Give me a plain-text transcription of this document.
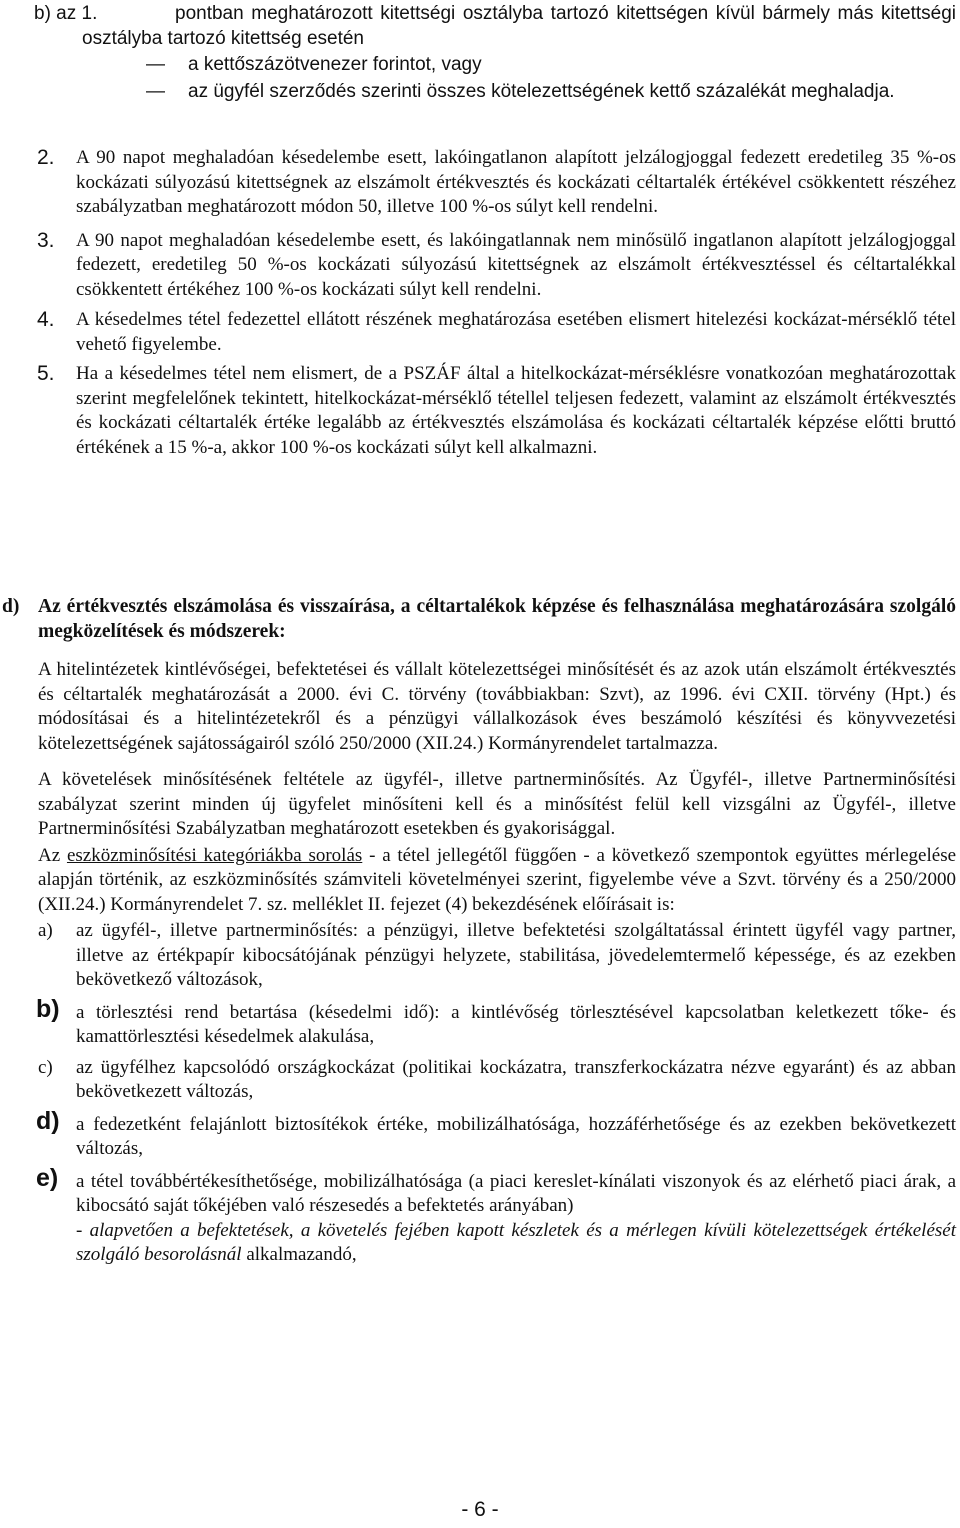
b) az 1.	pontban meghatározott kitettségi osztályba tartozó kitettségen kívül bármely más kitettségi osztályba tartozó kitettség esetén
— a kettőszázötvenezer forintot, vagy
— az ügyfél szerződés szerinti összes kötelezettségének kettő százalékát meghaladja.
2. A 90 napot meghaladóan késedelembe esett, lakóingatlanon alapított jelzálogjoggal fedezett eredetileg 35 %-os kockázati súlyozású kitettségnek az elszámolt értékvesztés és kockázati céltartalék értékével csökkentett részéhez szabályzatban meghatározott módon 50, illetve 100 %-os súlyt kell rendelni.
3. A 90 napot meghaladóan késedelembe esett, és lakóingatlannak nem minősülő ingatlanon alapított jelzálogjoggal fedezett, eredetileg 50 %-os kockázati súlyozású kitettségnek az elszámolt értékvesztéssel és céltartalékkal csökkentett értékéhez 100 %-os kockázati súlyt kell rendelni.
4. A késedelmes tétel fedezettel ellátott részének meghatározása esetében elismert hitelezési kockázat-mérséklő tétel vehető figyelembe.
5. Ha a késedelmes tétel nem elismert, de a PSZÁF által a hitelkockázat-mérséklésre vonatkozóan meghatározottak szerint megfelelőnek tekintett, hitelkockázat-mérséklő tétellel teljesen fedezett, valamint az elszámolt értékvesztés és kockázati céltartalék értéke legalább az értékvesztés elszámolása és kockázati céltartalék képzése előtti bruttó értékének a 15 %-a, akkor 100 %-os kockázati súlyt kell alkalmazni.
d) Az értékvesztés elszámolása és visszaírása, a céltartalékok képzése és felhasználása meghatározására szolgáló megközelítések és módszerek:

A hitelintézetek kintlévőségei, befektetései és vállalt kötelezettségei minősítését és az azok után elszámolt értékvesztés és céltartalék meghatározását a 2000. évi C. törvény (továbbiakban: Szvt), az 1996. évi CXII. törvény (Hpt.) és módosításai és a hitelintézetekről és a pénzügyi vállalkozások éves beszámoló készítési és könyvvezetési kötelezettségének sajátosságairól szóló 250/2000 (XII.24.) Kormányrendelet tartalmazza.

A követelések minősítésének feltétele az ügyfél-, illetve partnerminősítés. Az Ügyfél-, illetve Partnerminősítési szabályzat szerint minden új ügyfelet minősíteni kell és a minősítést felül kell vizsgálni az Ügyfél-, illetve Partnerminősítési Szabályzatban meghatározott esetekben és gyakorisággal.

Az eszközminősítési kategóriákba sorolás - a tétel jellegétől függően - a következő szempontok együttes mérlegelése alapján történik, az eszközminősítés számviteli követelményei szerint, figyelembe véve a Szvt. törvény és a 250/2000 (XII.24.) Kormányrendelet 7. sz. melléklet II. fejezet (4) bekezdésének előírásait is:

a) az ügyfél-, illetve partnerminősítés: a pénzügyi, illetve befektetési szolgáltatással érintett ügyfél vagy partner, illetve az értékpapír kibocsátójának pénzügyi helyzete, stabilitása, jövedelemtermelő képessége, és az ezekben bekövetkező változások,
b) a törlesztési rend betartása (késedelmi idő): a kintlévőség törlesztésével kapcsolatban keletkezett tőke- és kamattörlesztési késedelmek alakulása,
c) az ügyfélhez kapcsolódó országkockázat (politikai kockázatra, transzferkockázatra nézve egyaránt) és az abban bekövetkezett változás,
d) a fedezetként felajánlott biztosítékok értéke, mobilizálhatósága, hozzáférhetősége és az ezekben bekövetkezett változás,
e) a tétel továbbértékesíthetősége, mobilizálhatósága (a piaci kereslet-kínálati viszonyok és az elérhető piaci árak, a kibocsátó saját tőkéjében való részesedés a befektetés arányában)
- alapvetően a befektetések, a követelés fejében kapott készletek és a mérlegen kívüli kötelezettségek értékelését szolgáló besorolásnál alkalmazandó,
- 6 -
